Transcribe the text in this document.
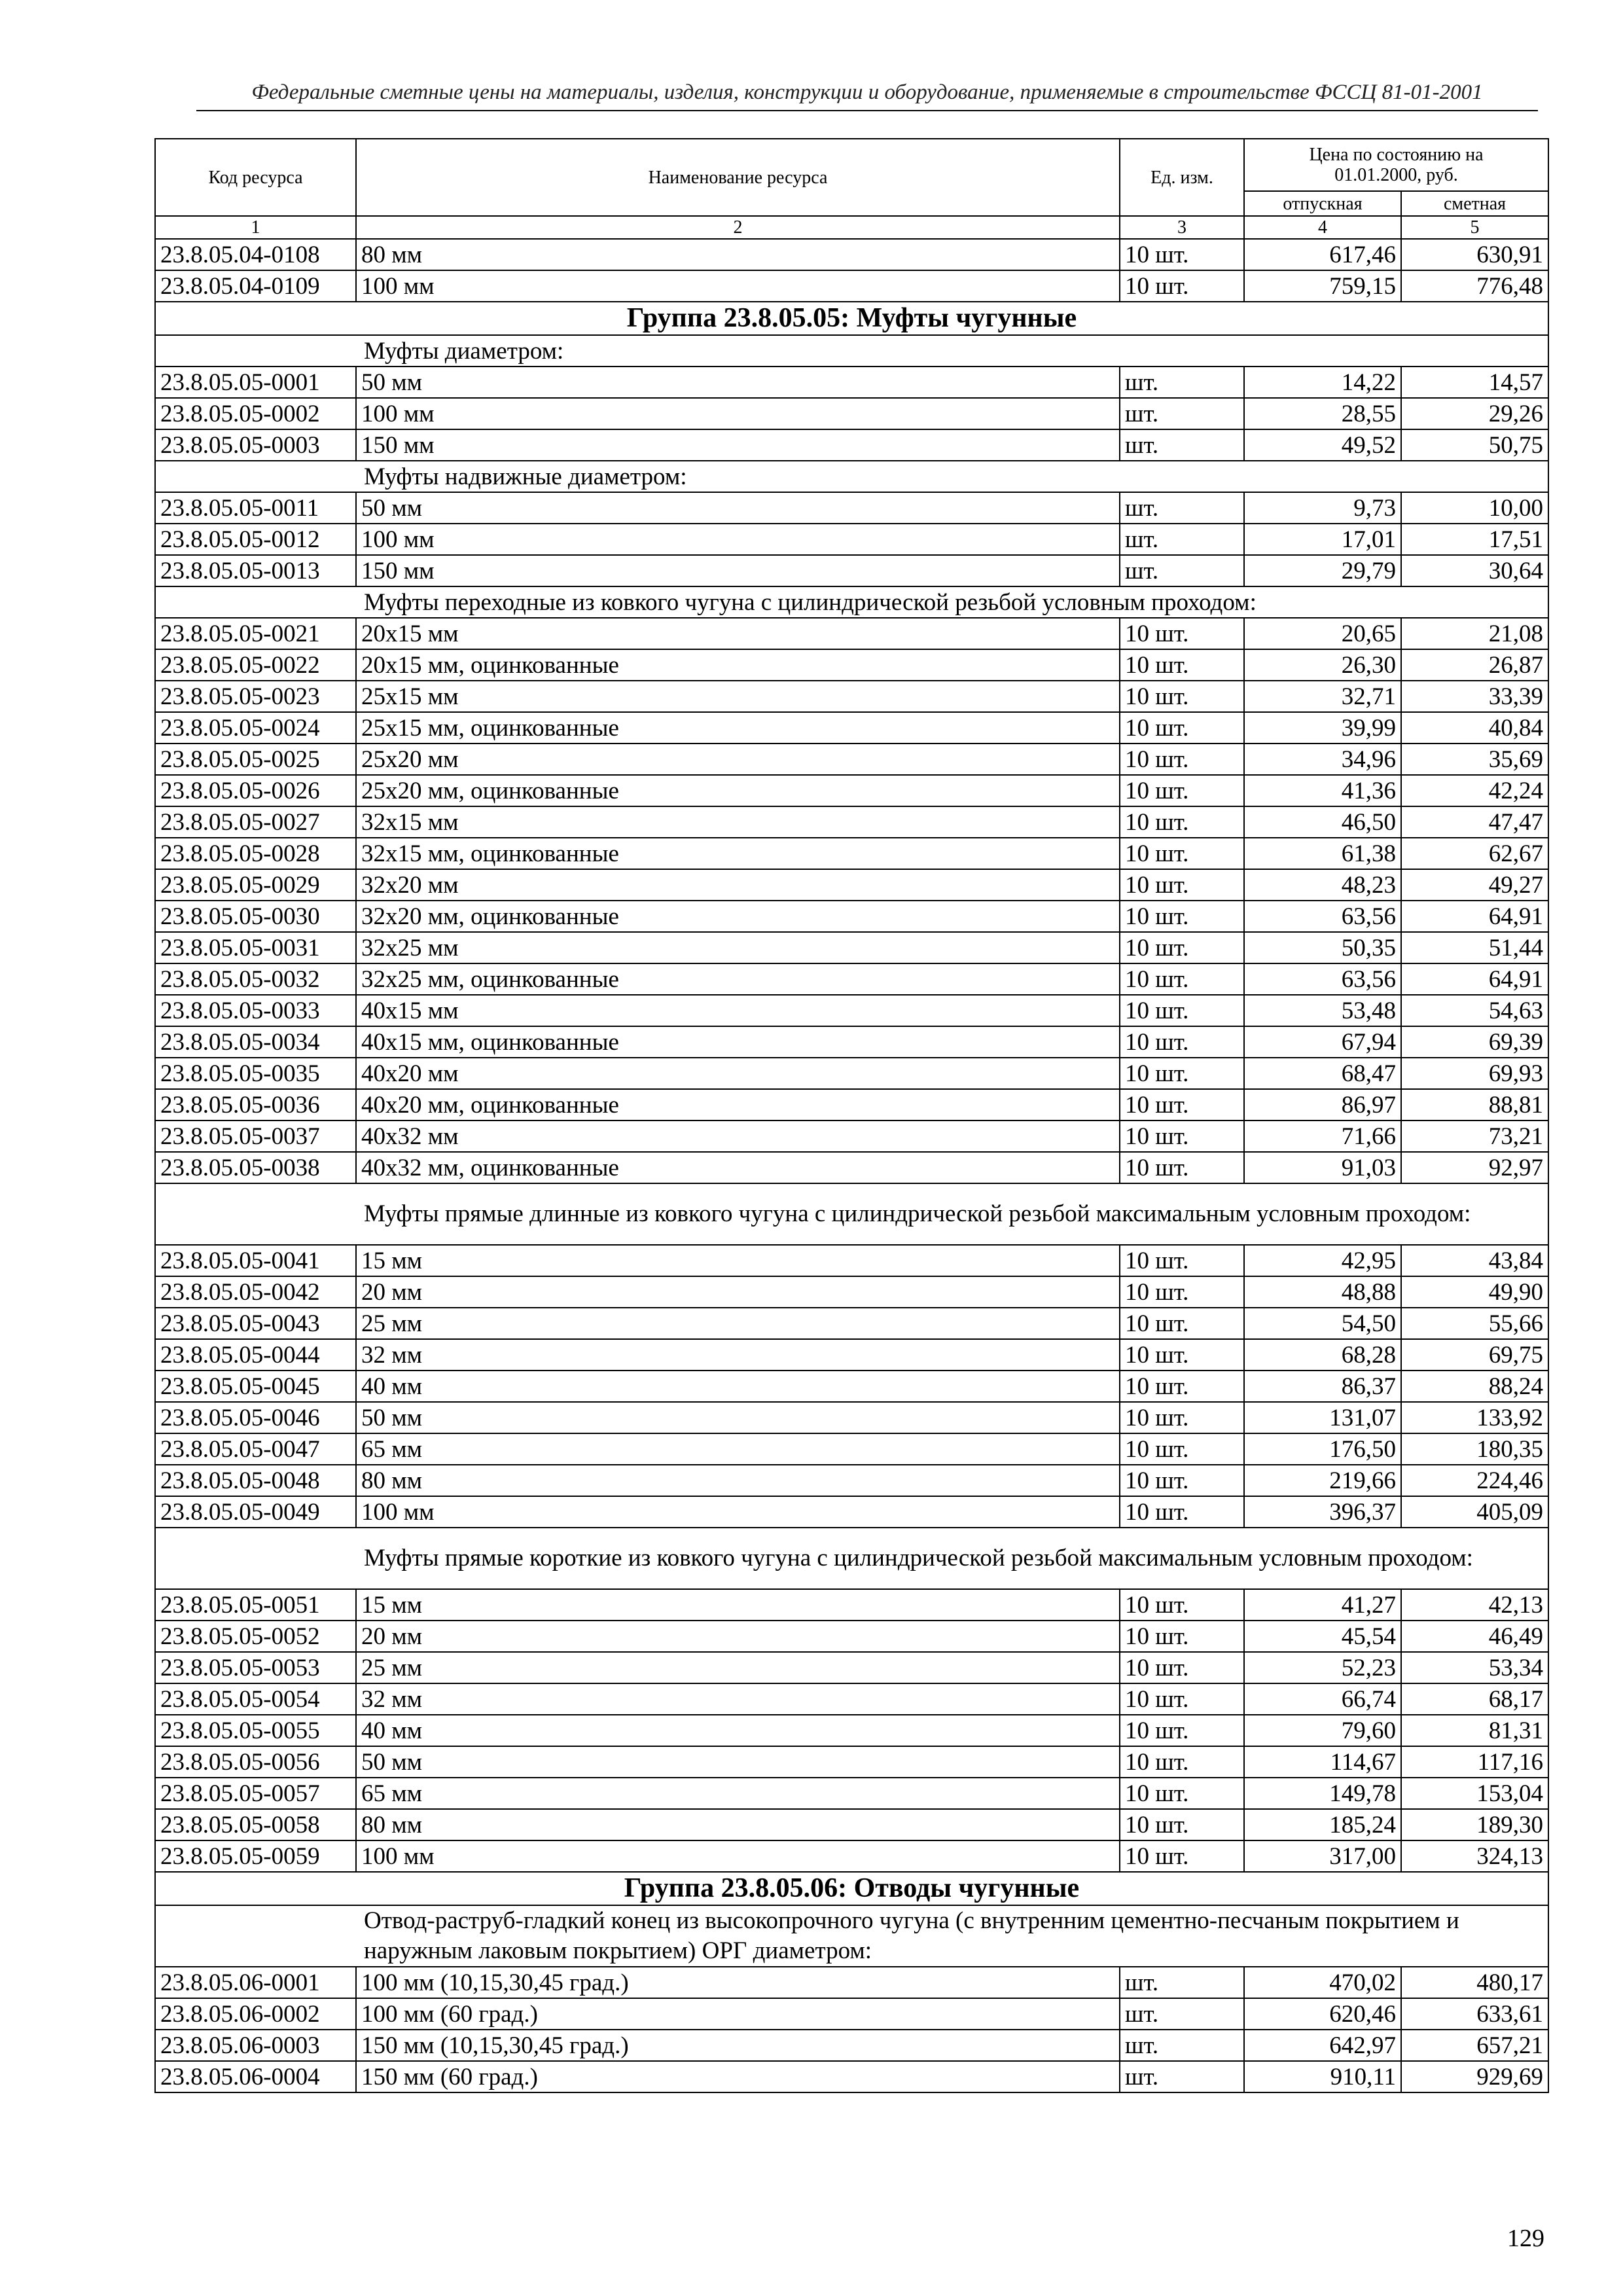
Федеральные сметные цены на материалы, изделия, конструкции и оборудование, применяемые в строительстве ФССЦ 81-01-2001
Код ресурса	Наименование ресурса	Ед. изм.	Цена по состоянию на 01.01.2000, руб.	
			отпускная	сметная
1	2	3	4	5
23.8.05.04-0108	80 мм	10 шт.	617,46	630,91
23.8.05.04-0109	100 мм	10 шт.	759,15	776,48
Группа 23.8.05.05: Муфты чугунные				
Муфты диаметром:				
23.8.05.05-0001	50 мм	шт.	14,22	14,57
23.8.05.05-0002	100 мм	шт.	28,55	29,26
23.8.05.05-0003	150 мм	шт.	49,52	50,75
Муфты надвижные диаметром:				
23.8.05.05-0011	50 мм	шт.	9,73	10,00
23.8.05.05-0012	100 мм	шт.	17,01	17,51
23.8.05.05-0013	150 мм	шт.	29,79	30,64
Муфты переходные из ковкого чугуна с цилиндрической резьбой условным проходом:				
23.8.05.05-0021	20х15 мм	10 шт.	20,65	21,08
23.8.05.05-0022	20х15 мм, оцинкованные	10 шт.	26,30	26,87
23.8.05.05-0023	25х15 мм	10 шт.	32,71	33,39
23.8.05.05-0024	25х15 мм, оцинкованные	10 шт.	39,99	40,84
23.8.05.05-0025	25х20 мм	10 шт.	34,96	35,69
23.8.05.05-0026	25х20 мм, оцинкованные	10 шт.	41,36	42,24
23.8.05.05-0027	32х15 мм	10 шт.	46,50	47,47
23.8.05.05-0028	32х15 мм, оцинкованные	10 шт.	61,38	62,67
23.8.05.05-0029	32х20 мм	10 шт.	48,23	49,27
23.8.05.05-0030	32х20 мм, оцинкованные	10 шт.	63,56	64,91
23.8.05.05-0031	32х25 мм	10 шт.	50,35	51,44
23.8.05.05-0032	32х25 мм, оцинкованные	10 шт.	63,56	64,91
23.8.05.05-0033	40х15 мм	10 шт.	53,48	54,63
23.8.05.05-0034	40х15 мм, оцинкованные	10 шт.	67,94	69,39
23.8.05.05-0035	40х20 мм	10 шт.	68,47	69,93
23.8.05.05-0036	40х20 мм, оцинкованные	10 шт.	86,97	88,81
23.8.05.05-0037	40х32 мм	10 шт.	71,66	73,21
23.8.05.05-0038	40х32 мм, оцинкованные	10 шт.	91,03	92,97
Муфты прямые длинные из ковкого чугуна с цилиндрической резьбой максимальным условным проходом:				
23.8.05.05-0041	15 мм	10 шт.	42,95	43,84
23.8.05.05-0042	20 мм	10 шт.	48,88	49,90
23.8.05.05-0043	25 мм	10 шт.	54,50	55,66
23.8.05.05-0044	32 мм	10 шт.	68,28	69,75
23.8.05.05-0045	40 мм	10 шт.	86,37	88,24
23.8.05.05-0046	50 мм	10 шт.	131,07	133,92
23.8.05.05-0047	65 мм	10 шт.	176,50	180,35
23.8.05.05-0048	80 мм	10 шт.	219,66	224,46
23.8.05.05-0049	100 мм	10 шт.	396,37	405,09
Муфты прямые короткие из ковкого чугуна с цилиндрической резьбой максимальным условным проходом:				
23.8.05.05-0051	15 мм	10 шт.	41,27	42,13
23.8.05.05-0052	20 мм	10 шт.	45,54	46,49
23.8.05.05-0053	25 мм	10 шт.	52,23	53,34
23.8.05.05-0054	32 мм	10 шт.	66,74	68,17
23.8.05.05-0055	40 мм	10 шт.	79,60	81,31
23.8.05.05-0056	50 мм	10 шт.	114,67	117,16
23.8.05.05-0057	65 мм	10 шт.	149,78	153,04
23.8.05.05-0058	80 мм	10 шт.	185,24	189,30
23.8.05.05-0059	100 мм	10 шт.	317,00	324,13
Группа 23.8.05.06: Отводы чугунные				
Отвод-раструб-гладкий конец из высокопрочного чугуна (с внутренним цементно-песчаным покрытием и наружным лаковым покрытием) ОРГ диаметром:				
23.8.05.06-0001	100 мм (10,15,30,45 град.)	шт.	470,02	480,17
23.8.05.06-0002	100 мм (60 град.)	шт.	620,46	633,61
23.8.05.06-0003	150 мм (10,15,30,45 град.)	шт.	642,97	657,21
23.8.05.06-0004	150 мм (60 град.)	шт.	910,11	929,69
129
